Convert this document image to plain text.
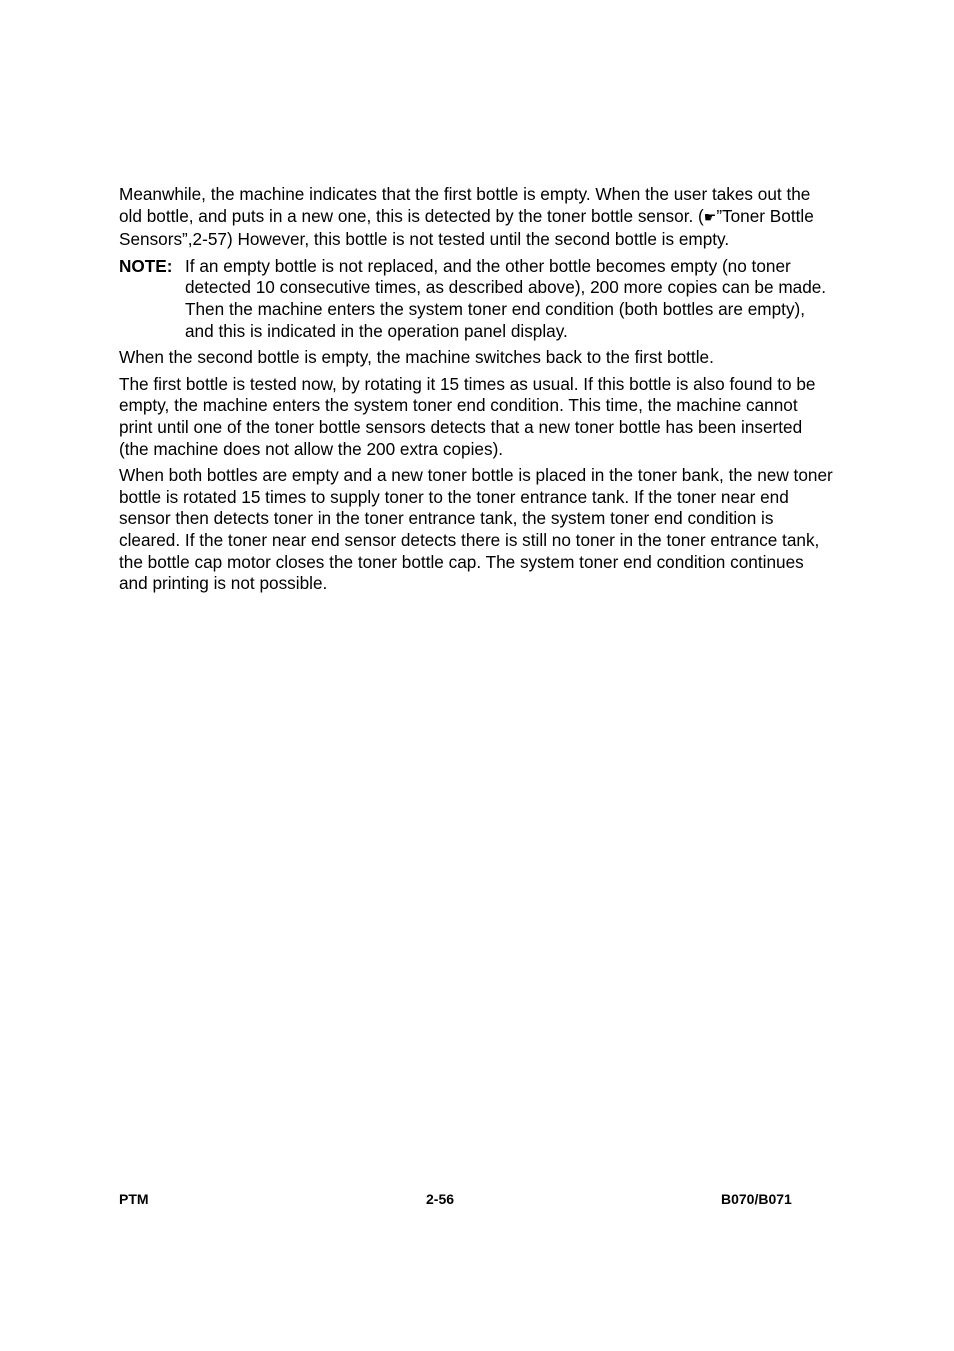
Meanwhile, the machine indicates that the first bottle is empty. When the user takes out the old bottle, and puts in a new one, this is detected by the toner bottle sensor. (☛”Toner Bottle Sensors”,2-57) However, this bottle is not tested until the second bottle is empty.

NOTE: If an empty bottle is not replaced, and the other bottle becomes empty (no toner detected 10 consecutive times, as described above), 200 more copies can be made. Then the machine enters the system toner end condition (both bottles are empty), and this is indicated in the operation panel display.

When the second bottle is empty, the machine switches back to the first bottle.

The first bottle is tested now, by rotating it 15 times as usual. If this bottle is also found to be empty, the machine enters the system toner end condition. This time, the machine cannot print until one of the toner bottle sensors detects that a new toner bottle has been inserted (the machine does not allow the 200 extra copies).

When both bottles are empty and a new toner bottle is placed in the toner bank, the new toner bottle is rotated 15 times to supply toner to the toner entrance tank. If the toner near end sensor then detects toner in the toner entrance tank, the system toner end condition is cleared. If the toner near end sensor detects there is still no toner in the toner entrance tank, the bottle cap motor closes the toner bottle cap. The system toner end condition continues and printing is not possible.

PTM	2-56	B070/B071
